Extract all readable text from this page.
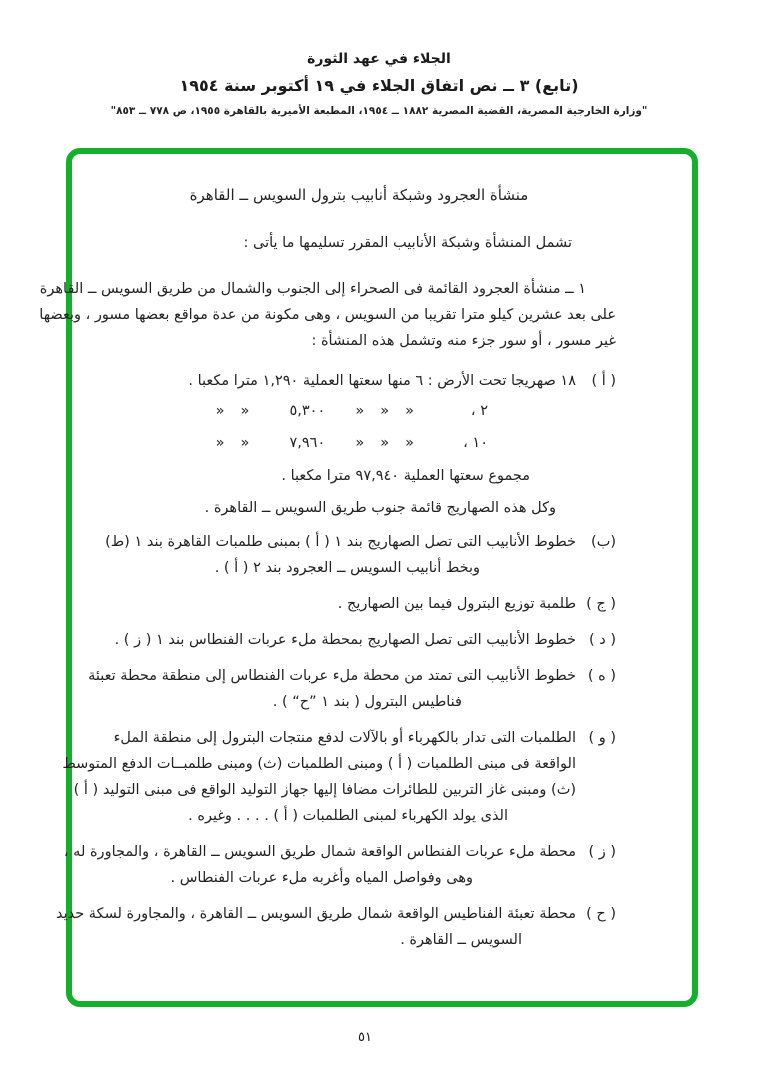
الجلاء في عهد الثورة
(تابع) ٣ ــ نص اتفاق الجلاء في ١٩ أكتوبر سنة ١٩٥٤
"وزارة الخارجية المصرية، القضية المصرية ١٨٨٢ ــ ١٩٥٤، المطبعة الأميرية بالقاهرة ١٩٥٥، ص ٧٧٨ ــ ٨٥٣"
منشأة العجرود وشبكة أنابيب بترول السويس ــ القاهرة
تشمل المنشأة وشبكة الأنابيب المقرر تسليمها ما يأتى :
١ ــ منشأة العجرود القائمة فى الصحراء إلى الجنوب والشمال من طريق السويس ــ القاهرة
على بعد عشرين كيلو مترا تقريبا من السويس ، وهى مكونة من عدة مواقع بعضها مسور ، وبعضها
غير مسور ، أو سور جزء منه وتشمل هذه المنشأة :
( أ )
١٨ صهريجا تحت الأرض : ٦ منها سعتها العملية ١,٢٩٠ مترا مكعبا .
٢ ،
«
«
«
٥,٣٠٠
«
«
١٠ ،
«
«
«
٧,٩٦٠
«
«
مجموع سعتها العملية ٩٧,٩٤٠ مترا مكعبا .
وكل هذه الصهاريج قائمة جنوب طريق السويس ــ القاهرة .
(ب)
خطوط الأنابيب التى تصل الصهاريج بند ١ ( أ ) بمبنى طلمبات القاهرة بند ١ (ط)
وبخط أنابيب السويس ــ العجرود بند ٢ ( أ ) .
( ج )
طلمبة توزيع البترول فيما بين الصهاريج .
( د )
خطوط الأنابيب التى تصل الصهاريج بمحطة ملء عربات الفنطاس بند ١ ( ز ) .
( ه )
خطوط الأنابيب التى تمتد من محطة ملء عربات الفنطاس إلى منطقة محطة تعبئة
فناطيس البترول ( بند ١ ”ح“ ) .
( و )
الطلمبات التى تدار بالكهرباء أو بالآلات لدفع منتجات البترول إلى منطقة الملء
الواقعة فى مبنى الطلمبات ( أ ) ومبنى الطلمبات (ث) ومبنى طلمبــات الدفع المتوسط
(ث) ومبنى غاز التربين للطائرات مضافا إليها جهاز التوليد الواقع فى مبنى التوليد ( أ )
الذى يولد الكهرباء لمبنى الطلمبات ( أ ) . . . . وغيره .
( ز )
محطة ملء عربات الفنطاس الواقعة شمال طريق السويس ــ القاهرة ، والمجاورة له ،
وهى وفواصل المياه وأغربه ملء عربات الفنطاس .
( ح )
محطة تعبئة الفناطيس الواقعة شمال طريق السويس ــ القاهرة ، والمجاورة لسكة حديد
السويس ــ القاهرة .
٥١
